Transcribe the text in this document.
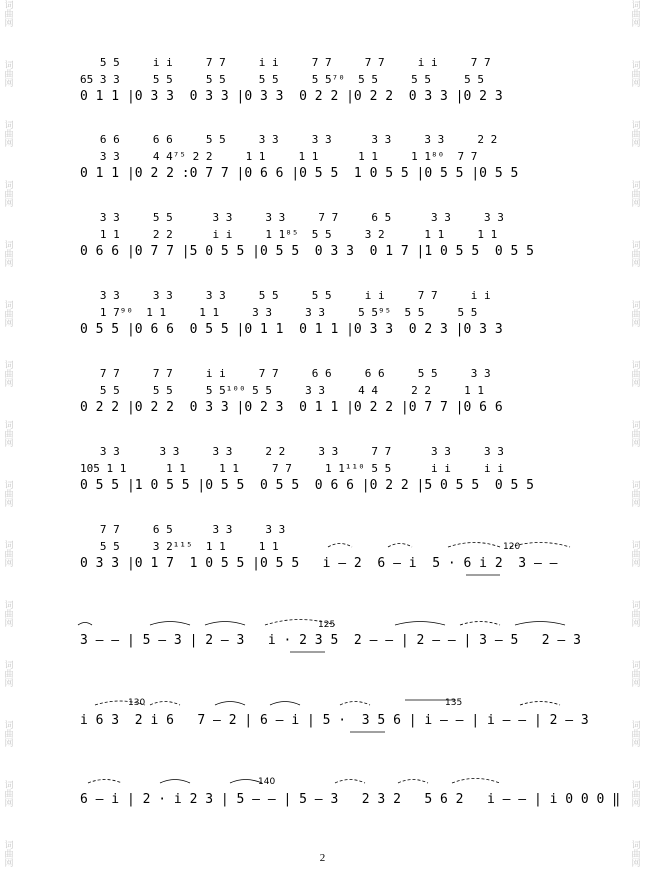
词
曲
网
词
曲
网
词
曲
网
词
曲
网
词
曲
网
词
曲
网
词
曲
网
词
曲
网
词
曲
网
词
曲
网
词
曲
网
词
曲
网
词
曲
网
词
曲
网
词
曲
网
词
曲
网
词
曲
网
词
曲
网
词
曲
网
词
曲
网
词
曲
网
词
曲
网
词
曲
网
词
曲
网
词
曲
网
词
曲
网
词
曲
网
词
曲
网
词
曲
网
词
曲
网
5 5     i i     7 7     i i     7 7     7 7     i i     7 7
65 3 3     5 5     5 5     5 5     5 5⁷⁰  5 5     5 5     5 5
0 1 1 |0 3 3  0 3 3 |0 3 3  0 2 2 |0 2 2  0 3 3 |0 2 3
6 6     6 6     5 5     3 3     3 3      3 3     3 3     2 2
3 3     4 4⁷⁵ 2 2     1 1     1 1      1 1     1 1⁸⁰  7 7
0 1 1 |0 2 2 :0 7 7 |0 6 6 |0 5 5  1 0 5 5 |0 5 5 |0 5 5
3 3     5 5      3 3     3 3     7 7     6 5      3 3     3 3
1 1     2 2      i i     1 1⁸⁵  5 5     3 2      1 1     1 1
0 6 6 |0 7 7 |5 0 5 5 |0 5 5  0 3 3  0 1 7 |1 0 5 5  0 5 5
3 3     3 3     3 3     5 5     5 5     i i     7 7     i i
1 7⁹⁰  1 1     1 1     3 3     3 3     5 5⁹⁵  5 5     5 5
0 5 5 |0 6 6  0 5 5 |0 1 1  0 1 1 |0 3 3  0 2 3 |0 3 3
7 7     7 7     i i     7 7     6 6     6 6     5 5     3 3
5 5     5 5     5 5¹⁰⁰ 5 5     3 3     4 4     2 2     1 1
0 2 2 |0 2 2  0 3 3 |0 2 3  0 1 1 |0 2 2 |0 7 7 |0 6 6
3 3      3 3     3 3     2 2     3 3     7 7      3 3     3 3
105 1 1      1 1     1 1     7 7     1 1¹¹⁰ 5 5      i i     i i
0 5 5 |1 0 5 5 |0 5 5  0 5 5  0 6 6 |0 2 2 |5 0 5 5  0 5 5
7 7     6 5      3 3     3 3
5 5     3 2¹¹⁵  1 1     1 1
0 3 3 |0 1 7  1 0 5 5 |0 5 5   i — 2  6 — i  5 · 6 i 2  3 — —
120
3 — — | 5 — 3 | 2 — 3   i · 2 3 5  2 — — | 2 — — | 3 — 5   2 — 3
125
i 6 3  2 i 6   7 — 2 | 6 — i | 5 ·  3 5 6 | i — — | i — — | 2 — 3
130	135
6 — i | 2 · i 2 3 | 5 — — | 5 — 3   2 3 2   5 6 2   i — — | i 0 0 0 ‖
140
2
